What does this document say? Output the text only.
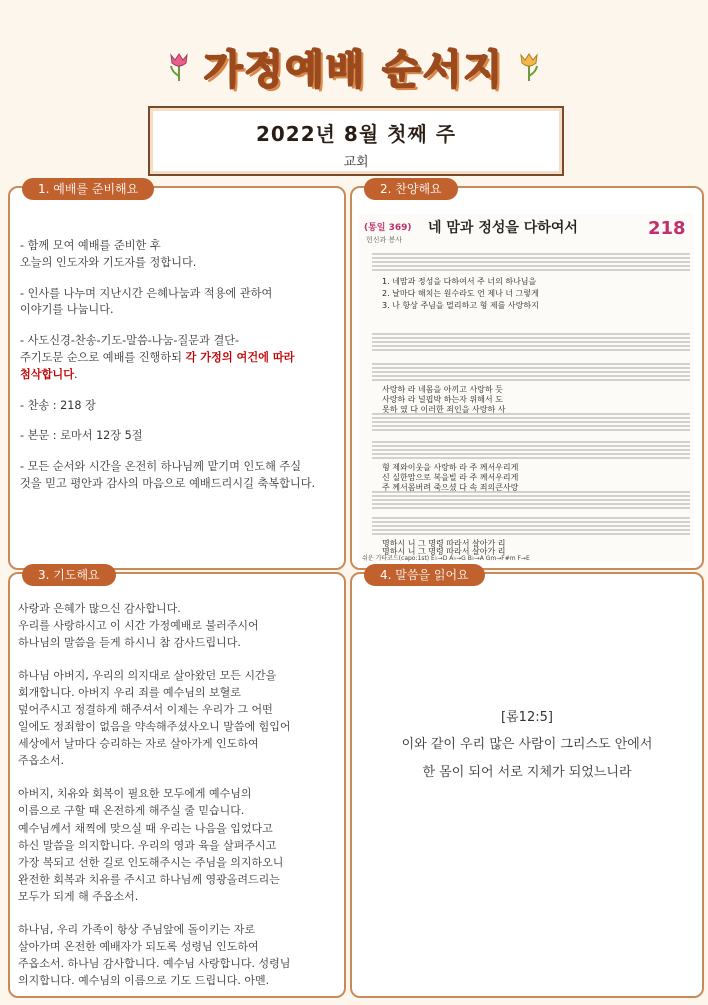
가정예배 순서지
2022년 8월 첫째 주
교회
1. 예배를 준비해요

- 함께 모여 예배를 준비한 후
오늘의 인도자와 기도자를 정합니다.

- 인사를 나누며 지난시간 은혜나눔과 적용에 관하여
이야기를 나눕니다.

- 사도신경-찬송-기도-말씀-나눔-질문과 결단-
주기도문 순으로 예배를 진행하되 각 가정의 여건에 따라
첨삭합니다.

- 찬송 : 218 장

- 본문 : 로마서 12장 5절

- 모든 순서와 시간을 온전히 하나님께 맡기며 인도해 주실
것을 믿고 평안과 감사의 마음으로 예배드리시길 축복합니다.

2. 찬양해요
(통일 369)
헌신과 봉사
네 맘과 정성을 다하여서	218
1. 네맘과 정성을 다하여서 주 너의 하나님을
2. 날마다 해치는 원수라도 언 제나 너 그렇게
3. 나 항상 주님을 멀리하고 형 제를 사랑하지
사랑하 라 네몸을 아끼고 사랑하 듯
사랑하 라 널핍박 하는자 위해서 도
못하 였 다 이러한 죄인을 사랑하 사
형 제와이웃을 사랑하 라 주 께서우리게
신 실한맘으로 복을빌 라 주 께서우리게
주 께서몸버려 죽으셨 다 속 죄의큰사랑
명하시 니 그 명령 따라서 살아가 리
명하시 니 그 명령 따라서 살아가 리
쉬운 기타코드(capo:1st) E♭→D A♭→G B♭→A Gm→F#m F→E
3. 기도해요

사랑과 은혜가 많으신 감사합니다.
우리를 사랑하시고 이 시간 가정예배로 불러주시어
하나님의 말씀을 듣게 하시니 참 감사드립니다.

하나님 아버지, 우리의 의지대로 살아왔던 모든 시간을
회개합니다. 아버지 우리 죄를 예수님의 보혈로
덮어주시고 정결하게 해주셔서 이제는 우리가 그 어떤
일에도 정죄함이 없음을 약속해주셨사오니 말씀에 힘입어
세상에서 날마다 승리하는 자로 살아가게 인도하여
주옵소서.

아버지, 치유와 회복이 필요한 모두에게 예수님의
이름으로 구할 때 온전하게 해주실 줄 믿습니다.
예수님께서 채찍에 맞으실 때 우리는 나음을 입었다고
하신 말씀을 의지합니다. 우리의 영과 육을 살펴주시고
가장 복되고 선한 길로 인도해주시는 주님을 의지하오니
완전한 회복과 치유를 주시고 하나님께 영광올려드리는
모두가 되게 해 주옵소서.

하나님, 우리 가족이 항상 주님앞에 돌이키는 자로
살아가며 온전한 예배자가 되도록 성령님 인도하여
주옵소서. 하나님 감사합니다. 예수님 사랑합니다. 성령님
의지합니다. 예수님의 이름으로 기도 드립니다. 아멘.

4. 말씀을 읽어요
[롬12:5]
이와 같이 우리 많은 사람이 그리스도 안에서
한 몸이 되어 서로 지체가 되었느니라
